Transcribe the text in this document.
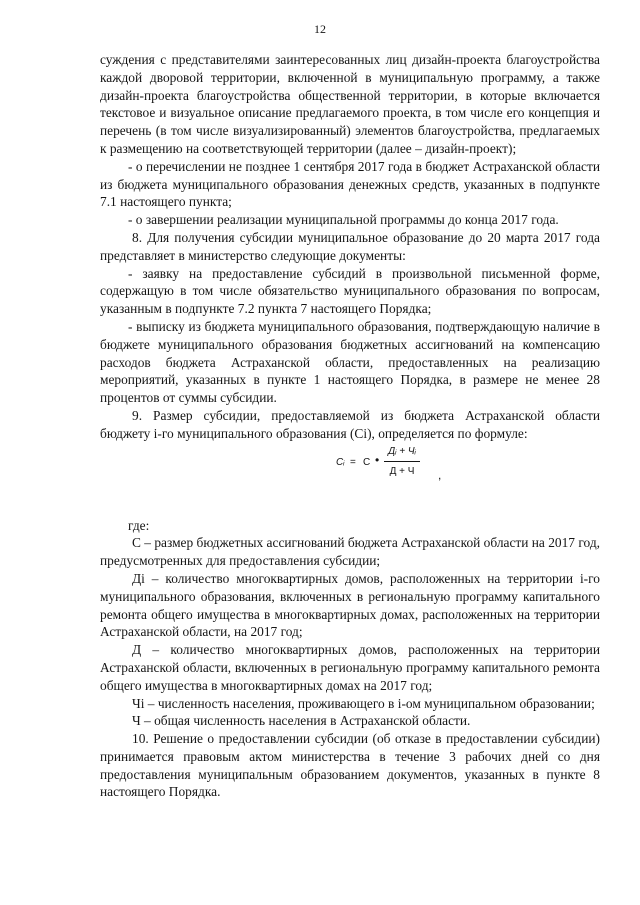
12

суждения с представителями заинтересованных лиц дизайн-проекта благоустройства каждой дворовой территории, включенной в муниципальную программу, а также дизайн-проекта благоустройства общественной территории, в которые включается текстовое и визуальное описание предлагаемого проекта, в том числе его концепция и перечень (в том числе визуализированный) элементов благоустройства, предлагаемых к размещению на соответствующей территории (далее – дизайн-проект);

- о перечислении не позднее 1 сентября 2017 года в бюджет Астраханской области из бюджета муниципального образования денежных средств, указанных в подпункте 7.1 настоящего пункта;

- о завершении реализации муниципальной программы до конца 2017 года.

8. Для получения субсидии муниципальное образование до 20 марта 2017 года представляет в министерство следующие документы:

- заявку на предоставление субсидий в произвольной письменной форме, содержащую в том числе обязательство муниципального образования по вопросам, указанным в подпункте 7.2 пункта 7 настоящего Порядка;

- выписку из бюджета муниципального образования, подтверждающую наличие в бюджете муниципального образования бюджетных ассигнований на компенсацию расходов бюджета Астраханской области, предоставленных на реализацию мероприятий, указанных в пункте 1 настоящего Порядка, в размере не менее 28 процентов от суммы субсидии.

9. Размер субсидии, предоставляемой из бюджета Астраханской области бюджету i-го муниципального образования (Ci), определяется по формуле:

Cᵢ = С •
Дᵢ + Чᵢ
Д + Ч	,

где:

С – размер бюджетных ассигнований бюджета Астраханской области на 2017 год, предусмотренных для предоставления субсидии;

Дi – количество многоквартирных домов, расположенных на территории i-го муниципального образования, включенных в региональную программу капитального ремонта общего имущества в многоквартирных домах, расположенных на территории Астраханской области, на 2017 год;

Д – количество многоквартирных домов, расположенных на территории Астраханской области, включенных в региональную программу капитального ремонта общего имущества в многоквартирных домах на 2017 год;

Чi – численность населения, проживающего в i-ом муниципальном образовании;

Ч – общая численность населения в Астраханской области.

10. Решение о предоставлении субсидии (об отказе в предоставлении субсидии) принимается правовым актом министерства в течение 3 рабочих дней со дня предоставления муниципальным образованием документов, указанных в пункте 8 настоящего Порядка.
